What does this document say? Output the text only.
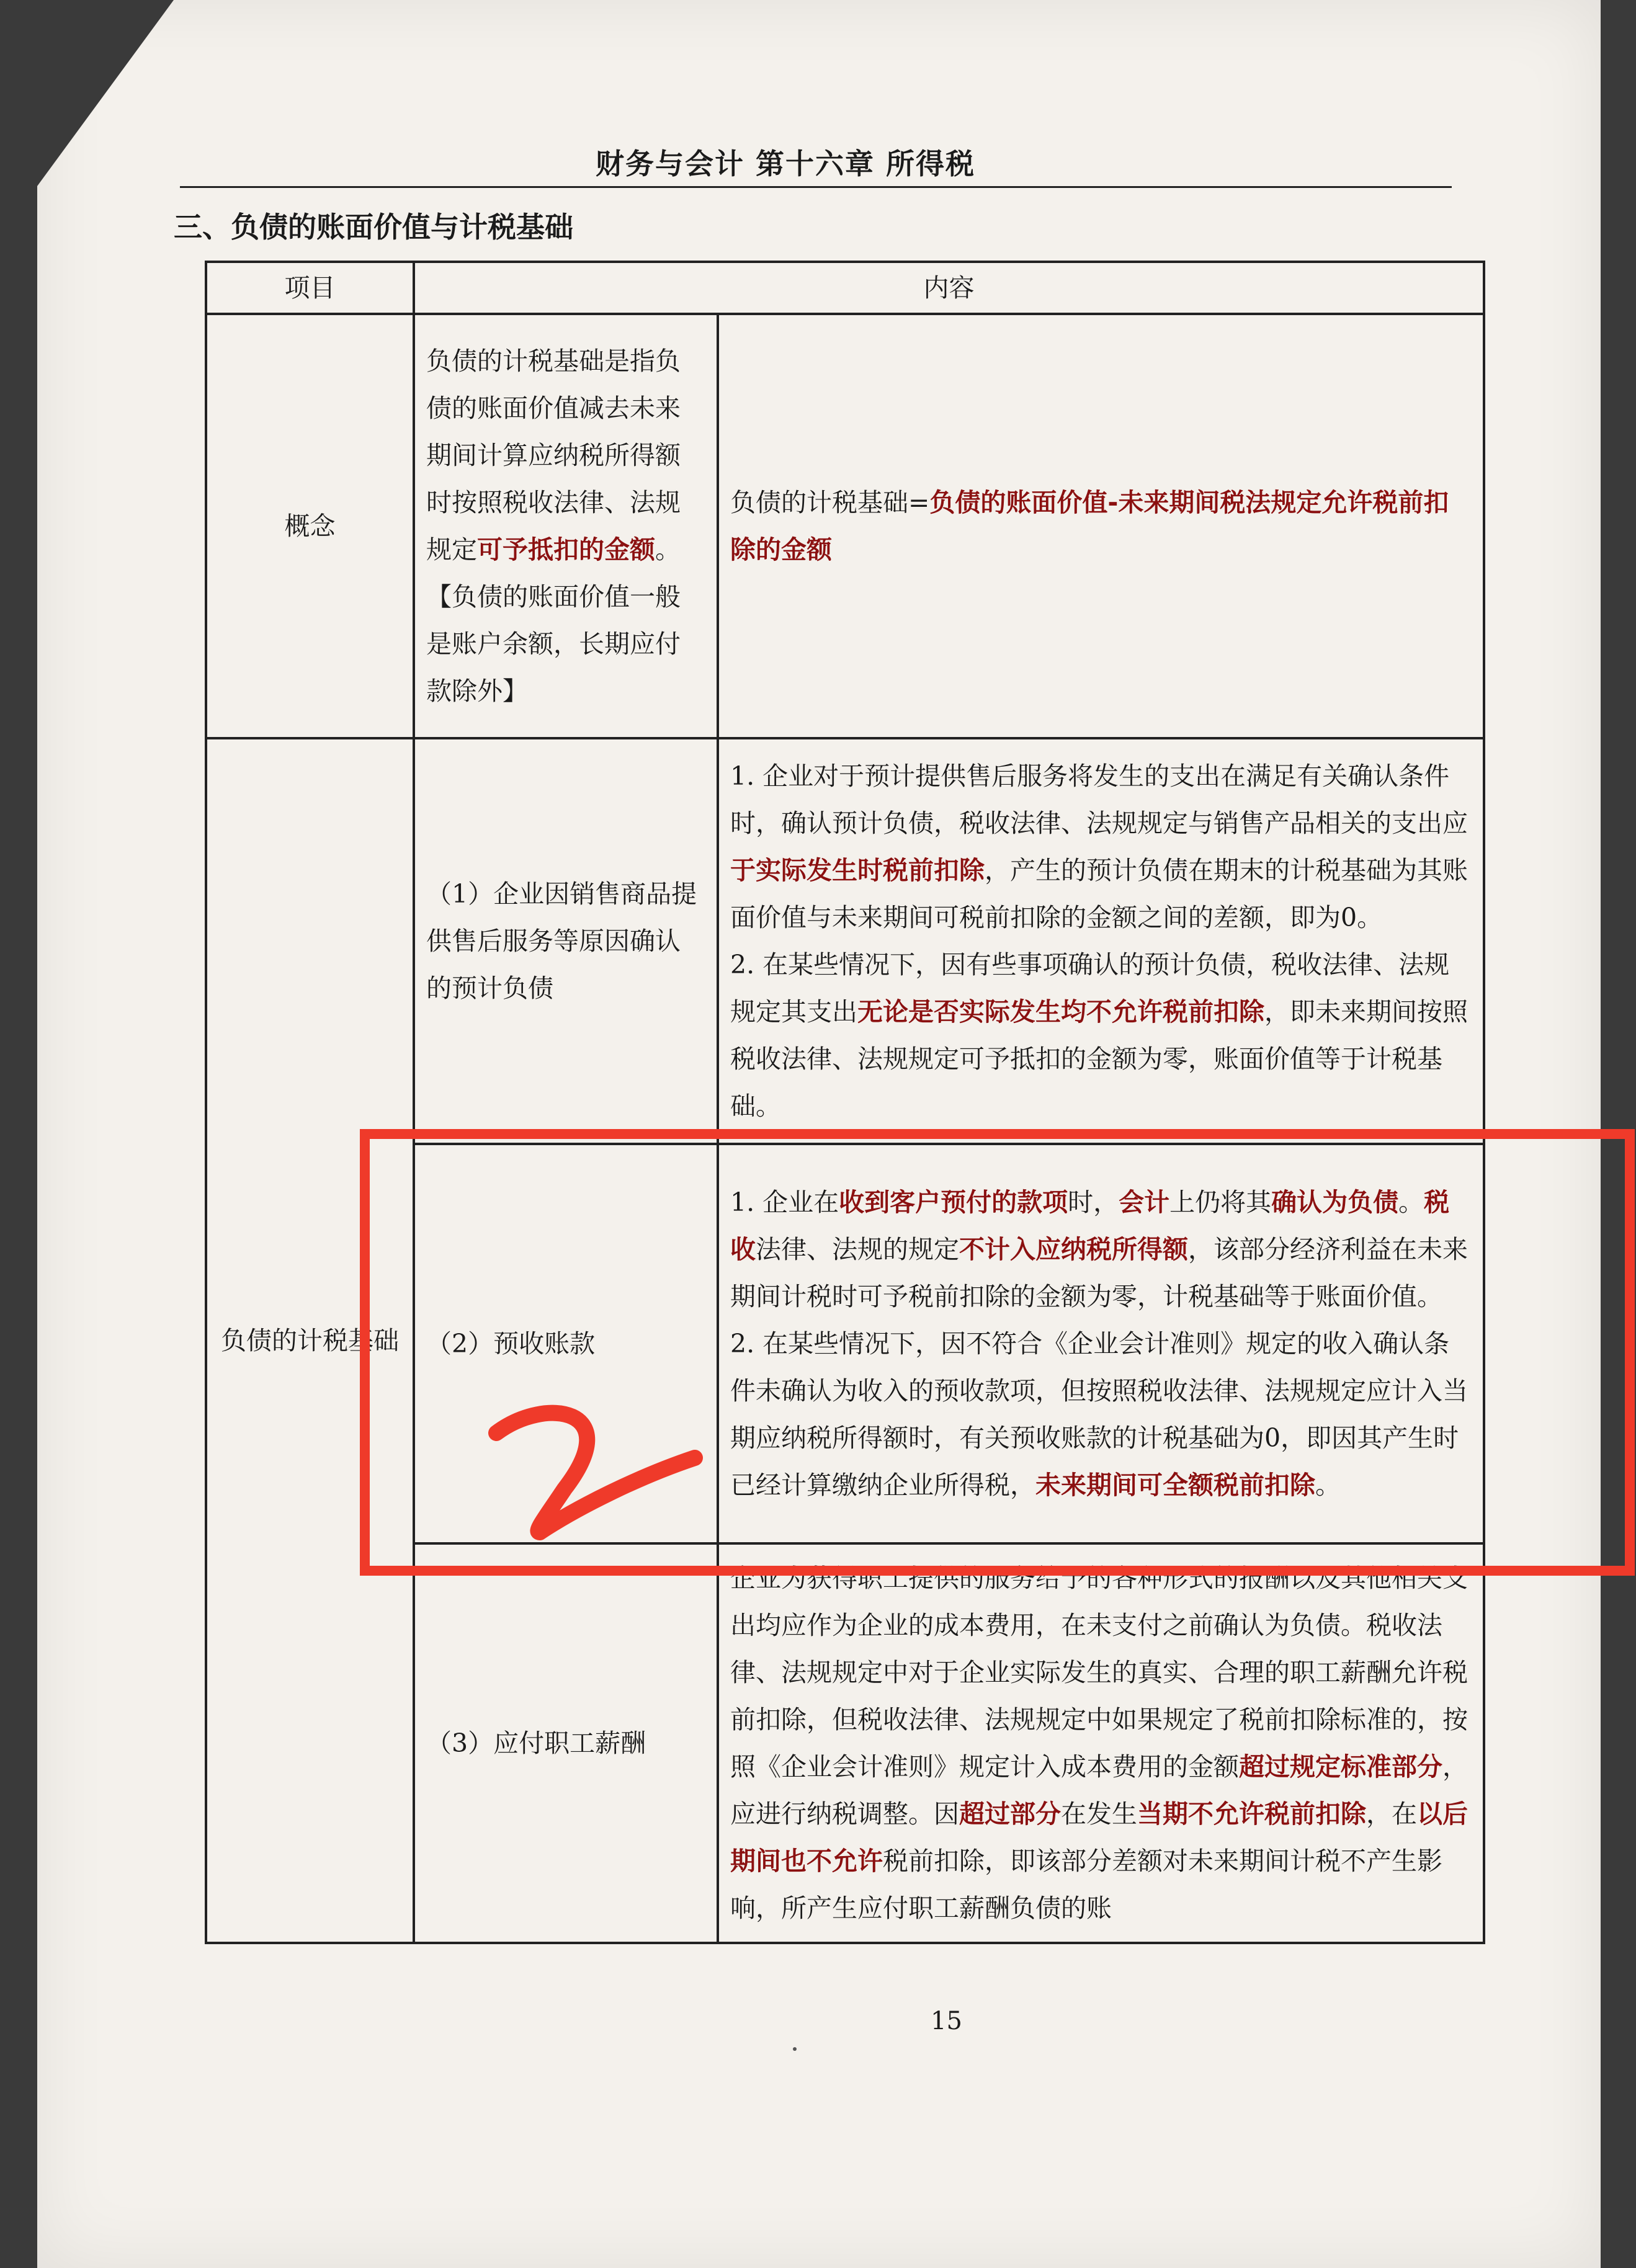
财务与会计 第十六章 所得税
三、负债的账面价值与计税基础
项目	内容	
概念	负债的计税基础是指负债的账面价值减去未来期间计算应纳税所得额时按照税收法律、法规规定可予抵扣的金额。【负债的账面价值一般是账户余额，长期应付款除外】	负债的计税基础=负债的账面价值-未来期间税法规定允许税前扣除的金额
负债的计税基础	（1）企业因销售商品提供售后服务等原因确认的预计负债	1. 企业对于预计提供售后服务将发生的支出在满足有关确认条件时，确认预计负债，税收法律、法规规定与销售产品相关的支出应于实际发生时税前扣除，产生的预计负债在期末的计税基础为其账面价值与未来期间可税前扣除的金额之间的差额，即为0。
2. 在某些情况下，因有些事项确认的预计负债，税收法律、法规规定其支出无论是否实际发生均不允许税前扣除，即未来期间按照税收法律、法规规定可予抵扣的金额为零，账面价值等于计税基础。

	（2）预收账款	1. 企业在收到客户预付的款项时，会计上仍将其确认为负债。税收法律、法规的规定不计入应纳税所得额，该部分经济利益在未来期间计税时可予税前扣除的金额为零，计税基础等于账面价值。
2. 在某些情况下，因不符合《企业会计准则》规定的收入确认条件未确认为收入的预收款项，但按照税收法律、法规规定应计入当期应纳税所得额时，有关预收账款的计税基础为0，即因其产生时已经计算缴纳企业所得税，未来期间可全额税前扣除。

	（3）应付职工薪酬	企业为获得职工提供的服务给予的各种形式的报酬以及其他相关支出均应作为企业的成本费用，在未支付之前确认为负债。税收法律、法规规定中对于企业实际发生的真实、合理的职工薪酬允许税前扣除，但税收法律、法规规定中如果规定了税前扣除标准的，按照《企业会计准则》规定计入成本费用的金额超过规定标准部分，应进行纳税调整。因超过部分在发生当期不允许税前扣除，在以后期间也不允许税前扣除，即该部分差额对未来期间计税不产生影响，所产生应付职工薪酬负债的账
15
